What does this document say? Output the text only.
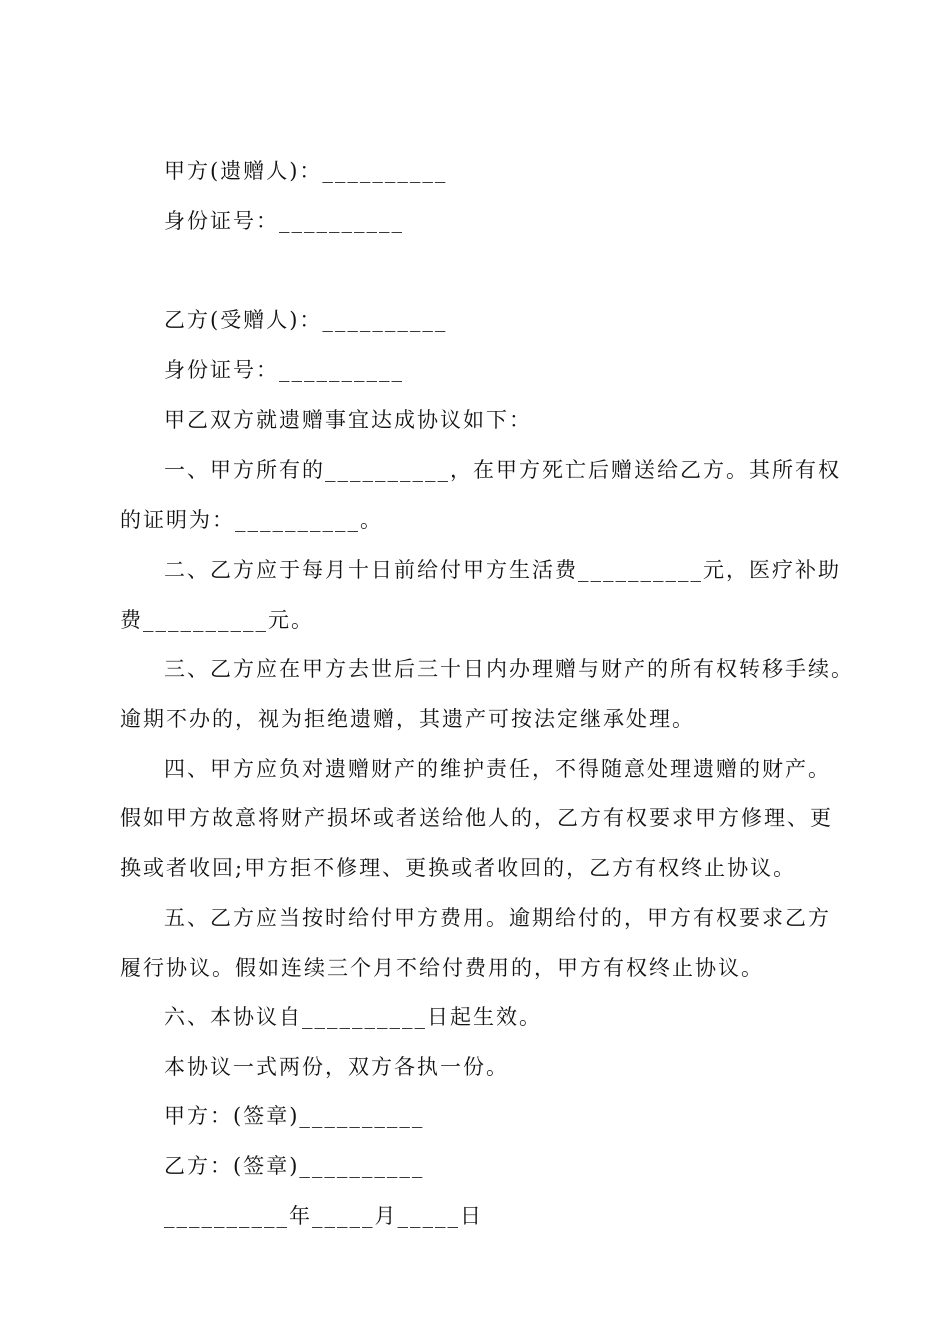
甲方(遗赠人)：__________
身份证号：__________
乙方(受赠人)：__________
身份证号：__________
甲乙双方就遗赠事宜达成协议如下：
一、甲方所有的__________，在甲方死亡后赠送给乙方。其所有权
的证明为：__________。
二、乙方应于每月十日前给付甲方生活费__________元，医疗补助
费__________元。
三、乙方应在甲方去世后三十日内办理赠与财产的所有权转移手续。
逾期不办的，视为拒绝遗赠，其遗产可按法定继承处理。
四、甲方应负对遗赠财产的维护责任，不得随意处理遗赠的财产。
假如甲方故意将财产损坏或者送给他人的，乙方有权要求甲方修理、更
换或者收回;甲方拒不修理、更换或者收回的，乙方有权终止协议。
五、乙方应当按时给付甲方费用。逾期给付的，甲方有权要求乙方
履行协议。假如连续三个月不给付费用的，甲方有权终止协议。
六、本协议自__________日起生效。
本协议一式两份，双方各执一份。
甲方：(签章)__________
乙方：(签章)__________
__________年_____月_____日
